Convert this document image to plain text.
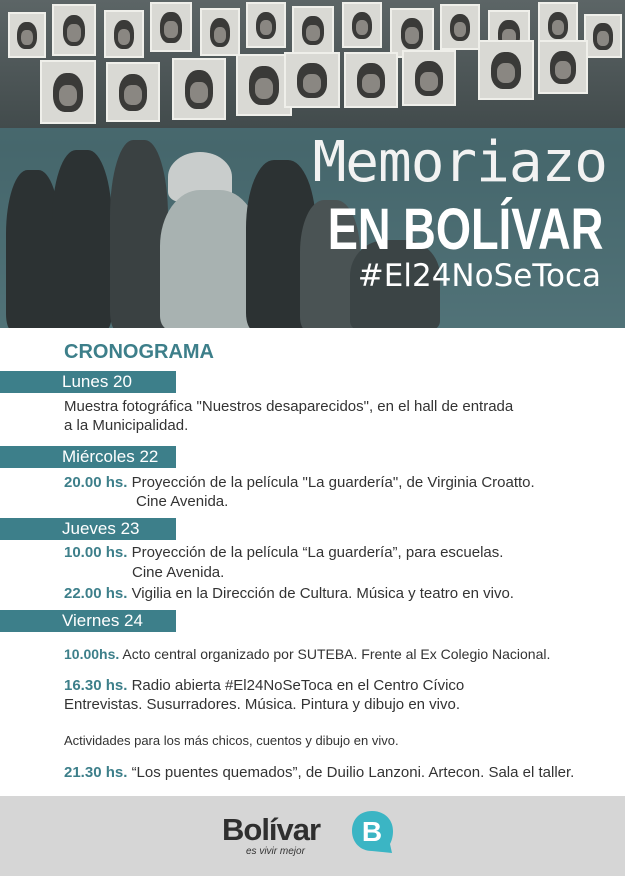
Memoriazo
EN BOLÍVAR
#El24NoSeToca
CRONOGRAMA
Lunes 20
Muestra fotográfica "Nuestros desaparecidos", en el hall de entrada
a la Municipalidad.
Miércoles 22
20.00 hs. Proyección de la película "La guardería", de Virginia Croatto.
Cine Avenida.
Jueves 23
10.00 hs. Proyección de la película “La guardería”, para escuelas.
Cine Avenida.
22.00 hs. Vigilia en la Dirección de Cultura. Música y teatro en vivo.
Viernes 24
10.00hs. Acto central organizado por SUTEBA. Frente al Ex Colegio Nacional.
16.30 hs. Radio abierta #El24NoSeToca en el Centro Cívico
Entrevistas. Susurradores. Música. Pintura y dibujo en vivo.
Actividades para los más chicos, cuentos y dibujo en vivo.
21.30 hs. “Los puentes quemados”, de Duilio Lanzoni. Artecon. Sala el taller.
Bolívar
es vivir mejor
B
